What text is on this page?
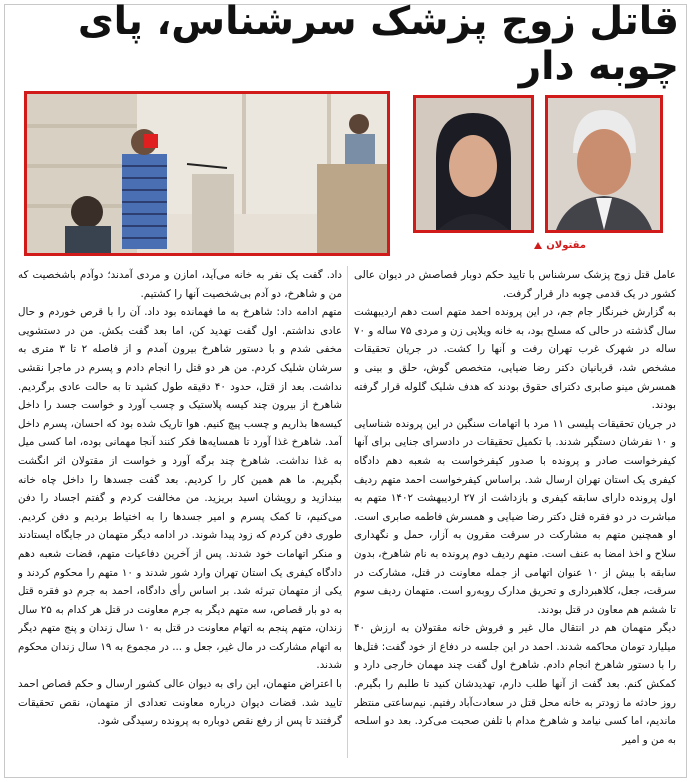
قاتل زوج پزشک سرشناس، پای چوبه دار
مقتولان

عامل قتل زوج پزشک سرشناس با تایید حکم دوبار قصاصش در دیوان عالی کشور در یک قدمی چوبه دار قرار گرفت.

به گزارش خبرنگار جام جم، در این پرونده احمد متهم است دهم اردیبهشت سال گذشته در حالی که مسلح بود، به خانه ویلایی زن و مردی ۷۵ ساله و ۷۰ ساله در شهرک غرب تهران رفت و آنها را کشت. در جریان تحقیقات مشخص شد، قربانیان دکتر رضا ضیایی، متخصص گوش، حلق و بینی و همسرش مینو صابری دکترای حقوق بودند که هدف شلیک گلوله قرار گرفته بودند.

در جریان تحقیقات پلیسی ۱۱ مرد با اتهامات سنگین در این پرونده شناسایی و ۱۰ نفرشان دستگیر شدند. با تکمیل تحقیقات در دادسرای جنایی برای آنها کیفرخواست صادر و پرونده با صدور کیفرخواست به شعبه دهم دادگاه کیفری یک استان تهران ارسال شد. براساس کیفرخواست احمد متهم ردیف اول پرونده دارای سابقه کیفری و بازداشت از ۲۷ اردیبهشت ۱۴۰۲ متهم به مباشرت در دو فقره قتل دکتر رضا ضیایی و همسرش فاطمه صابری است. او همچنین متهم به مشارکت در سرقت مقرون به آزار، حمل و نگهداری سلاح و اخذ امضا به عنف است. متهم ردیف دوم پرونده به نام شاهرخ، بدون سابقه با بیش از ۱۰ عنوان اتهامی از جمله معاونت در قتل، مشارکت در سرقت، جعل، کلاهبرداری و تحریق مدارک روبه‌رو است. متهمان ردیف سوم تا ششم هم معاون در قتل بودند.

دیگر متهمان هم در انتقال مال غیر و فروش خانه مقتولان به ارزش ۴۰ میلیارد تومان محاکمه شدند. احمد در این جلسه در دفاع از خود گفت: قتل‌ها را با دستور شاهرخ انجام دادم. شاهرخ اول گفت چند مهمان خارجی دارد و کمکش کنم. بعد گفت از آنها طلب دارم، تهدیدشان کنید تا طلبم را بگیرم. روز حادثه ما زودتر به خانه محل قتل در سعادت‌آباد رفتیم. نیم‌ساعتی منتظر ماندیم، اما کسی نیامد و شاهرخ مدام با تلفن صحبت می‌کرد. بعد دو اسلحه به من و امیر

داد. گفت یک نفر به خانه می‌آید، امازن و مردی آمدند؛ دوآدم باشخصیت که من و شاهرخ، دو آدم بی‌شخصیت آنها را کشتیم.

متهم ادامه داد: شاهرخ به ما فهمانده بود داد. آن را با قرص خوردم و حال عادی نداشتم. اول گفت تهدید کن، اما بعد گفت بکش. من در دستشویی مخفی شدم و با دستور شاهرخ بیرون آمدم و از فاصله ۲ تا ۳ متری به سرشان شلیک کردم. من هر دو قتل را انجام دادم و پسرم در ماجرا نقشی نداشت. بعد از قتل، حدود ۴۰ دقیقه طول کشید تا به حالت عادی برگردیم. شاهرخ از بیرون چند کیسه پلاستیک و چسب آورد و خواست جسد را داخل کیسه‌ها بذاریم و چسب پیچ کنیم. هوا تاریک شده بود که احسان، پسرم داخل آمد. شاهرخ غذا آورد تا همسایه‌ها فکر کنند آنجا مهمانی بوده، اما کسی میل به غذا نداشت. شاهرخ چند برگه آورد و خواست از مقتولان اثر انگشت بگیریم. ما هم همین کار را کردیم. بعد گفت جسدها را داخل چاه خانه بیندازید و رویشان اسید بریزید. من مخالفت کردم و گفتم اجساد را دفن می‌کنیم، تا کمک پسرم و امیر جسدها را به اختیاط بردیم و دفن کردیم. طوری دفن کردم که زود پیدا شوند. در ادامه دیگر متهمان در جایگاه ایستادند و منکر اتهامات خود شدند. پس از آخرین دفاعیات متهم، قضات شعبه دهم دادگاه کیفری یک استان تهران وارد شور شدند و ۱۰ متهم را محکوم کردند و یکی از متهمان تبرئه شد. بر اساس رأی دادگاه، احمد به جرم دو فقره قتل به دو بار قصاص، سه متهم دیگر به جرم معاونت در قتل هر کدام به ۲۵ سال زندان، متهم پنجم به اتهام معاونت در قتل به ۱۰ سال زندان و پنج متهم دیگر به اتهام مشارکت در مال غیر، جعل و ... در مجموع به ۱۹ سال زندان محکوم شدند.

با اعتراض متهمان، این رای به دیوان عالی کشور ارسال و حکم قصاص احمد تایید شد. قضات دیوان درباره معاونت تعدادی از متهمان، نقص تحقیقات گرفتند تا پس از رفع نقص دوباره به پرونده رسیدگی شود.
